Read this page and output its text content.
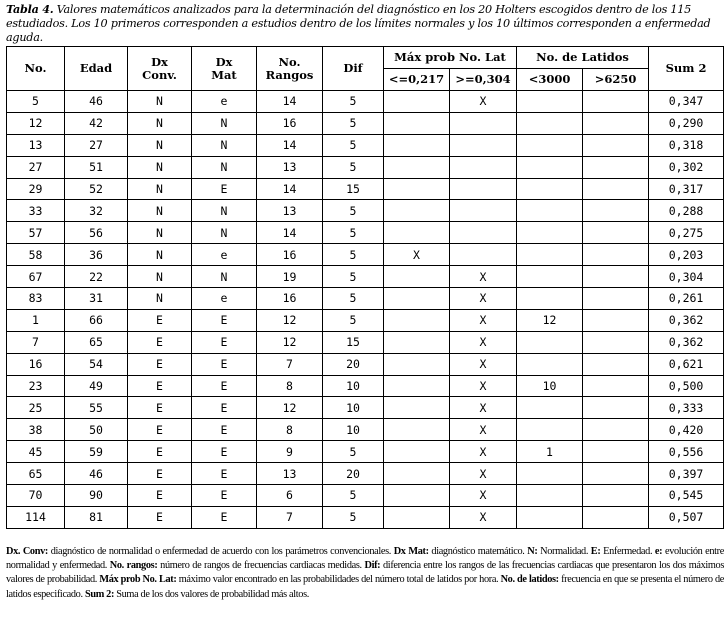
Tabla 4. Valores matemáticos analizados para la determinación del diagnóstico en los 20 Holters escogidos dentro de los 115 estudiados. Los 10 primeros corresponden a estudios dentro de los límites normales y los 10 últimos corresponden a enfermedad aguda.
No.	Edad	Dx Conv.	Dx Mat	No. Rangos	Dif	Máx prob No. Lat		No. de Latidos		Sum 2
						<=0,217	>=0,304	<3000	>6250	
5	46	N	e	14	5		X			0,347
12	42	N	N	16	5					0,290
13	27	N	N	14	5					0,318
27	51	N	N	13	5					0,302
29	52	N	E	14	15					0,317
33	32	N	N	13	5					0,288
57	56	N	N	14	5					0,275
58	36	N	e	16	5	X				0,203
67	22	N	N	19	5		X			0,304
83	31	N	e	16	5		X			0,261
1	66	E	E	12	5		X	12		0,362
7	65	E	E	12	15		X			0,362
16	54	E	E	7	20		X			0,621
23	49	E	E	8	10		X	10		0,500
25	55	E	E	12	10		X			0,333
38	50	E	E	8	10		X			0,420
45	59	E	E	9	5		X	1		0,556
65	46	E	E	13	20		X			0,397
70	90	E	E	6	5		X			0,545
114	81	E	E	7	5		X			0,507
Dx. Conv: diagnóstico de normalidad o enfermedad de acuerdo con los parámetros convencionales. Dx Mat: diagnóstico matemático. N: Normalidad. E: Enfermedad. e: evolución entre normalidad y enfermedad. No. rangos: número de rangos de frecuencias cardiacas medidas. Dif: diferencia entre los rangos de las frecuencias cardiacas que presentaron los dos máximos valores de probabilidad. Máx prob No. Lat: máximo valor encontrado en las probabilidades del número total de latidos por hora. No. de latidos: frecuencia en que se presenta el número de latidos especificado. Sum 2: Suma de los dos valores de probabilidad más altos.
